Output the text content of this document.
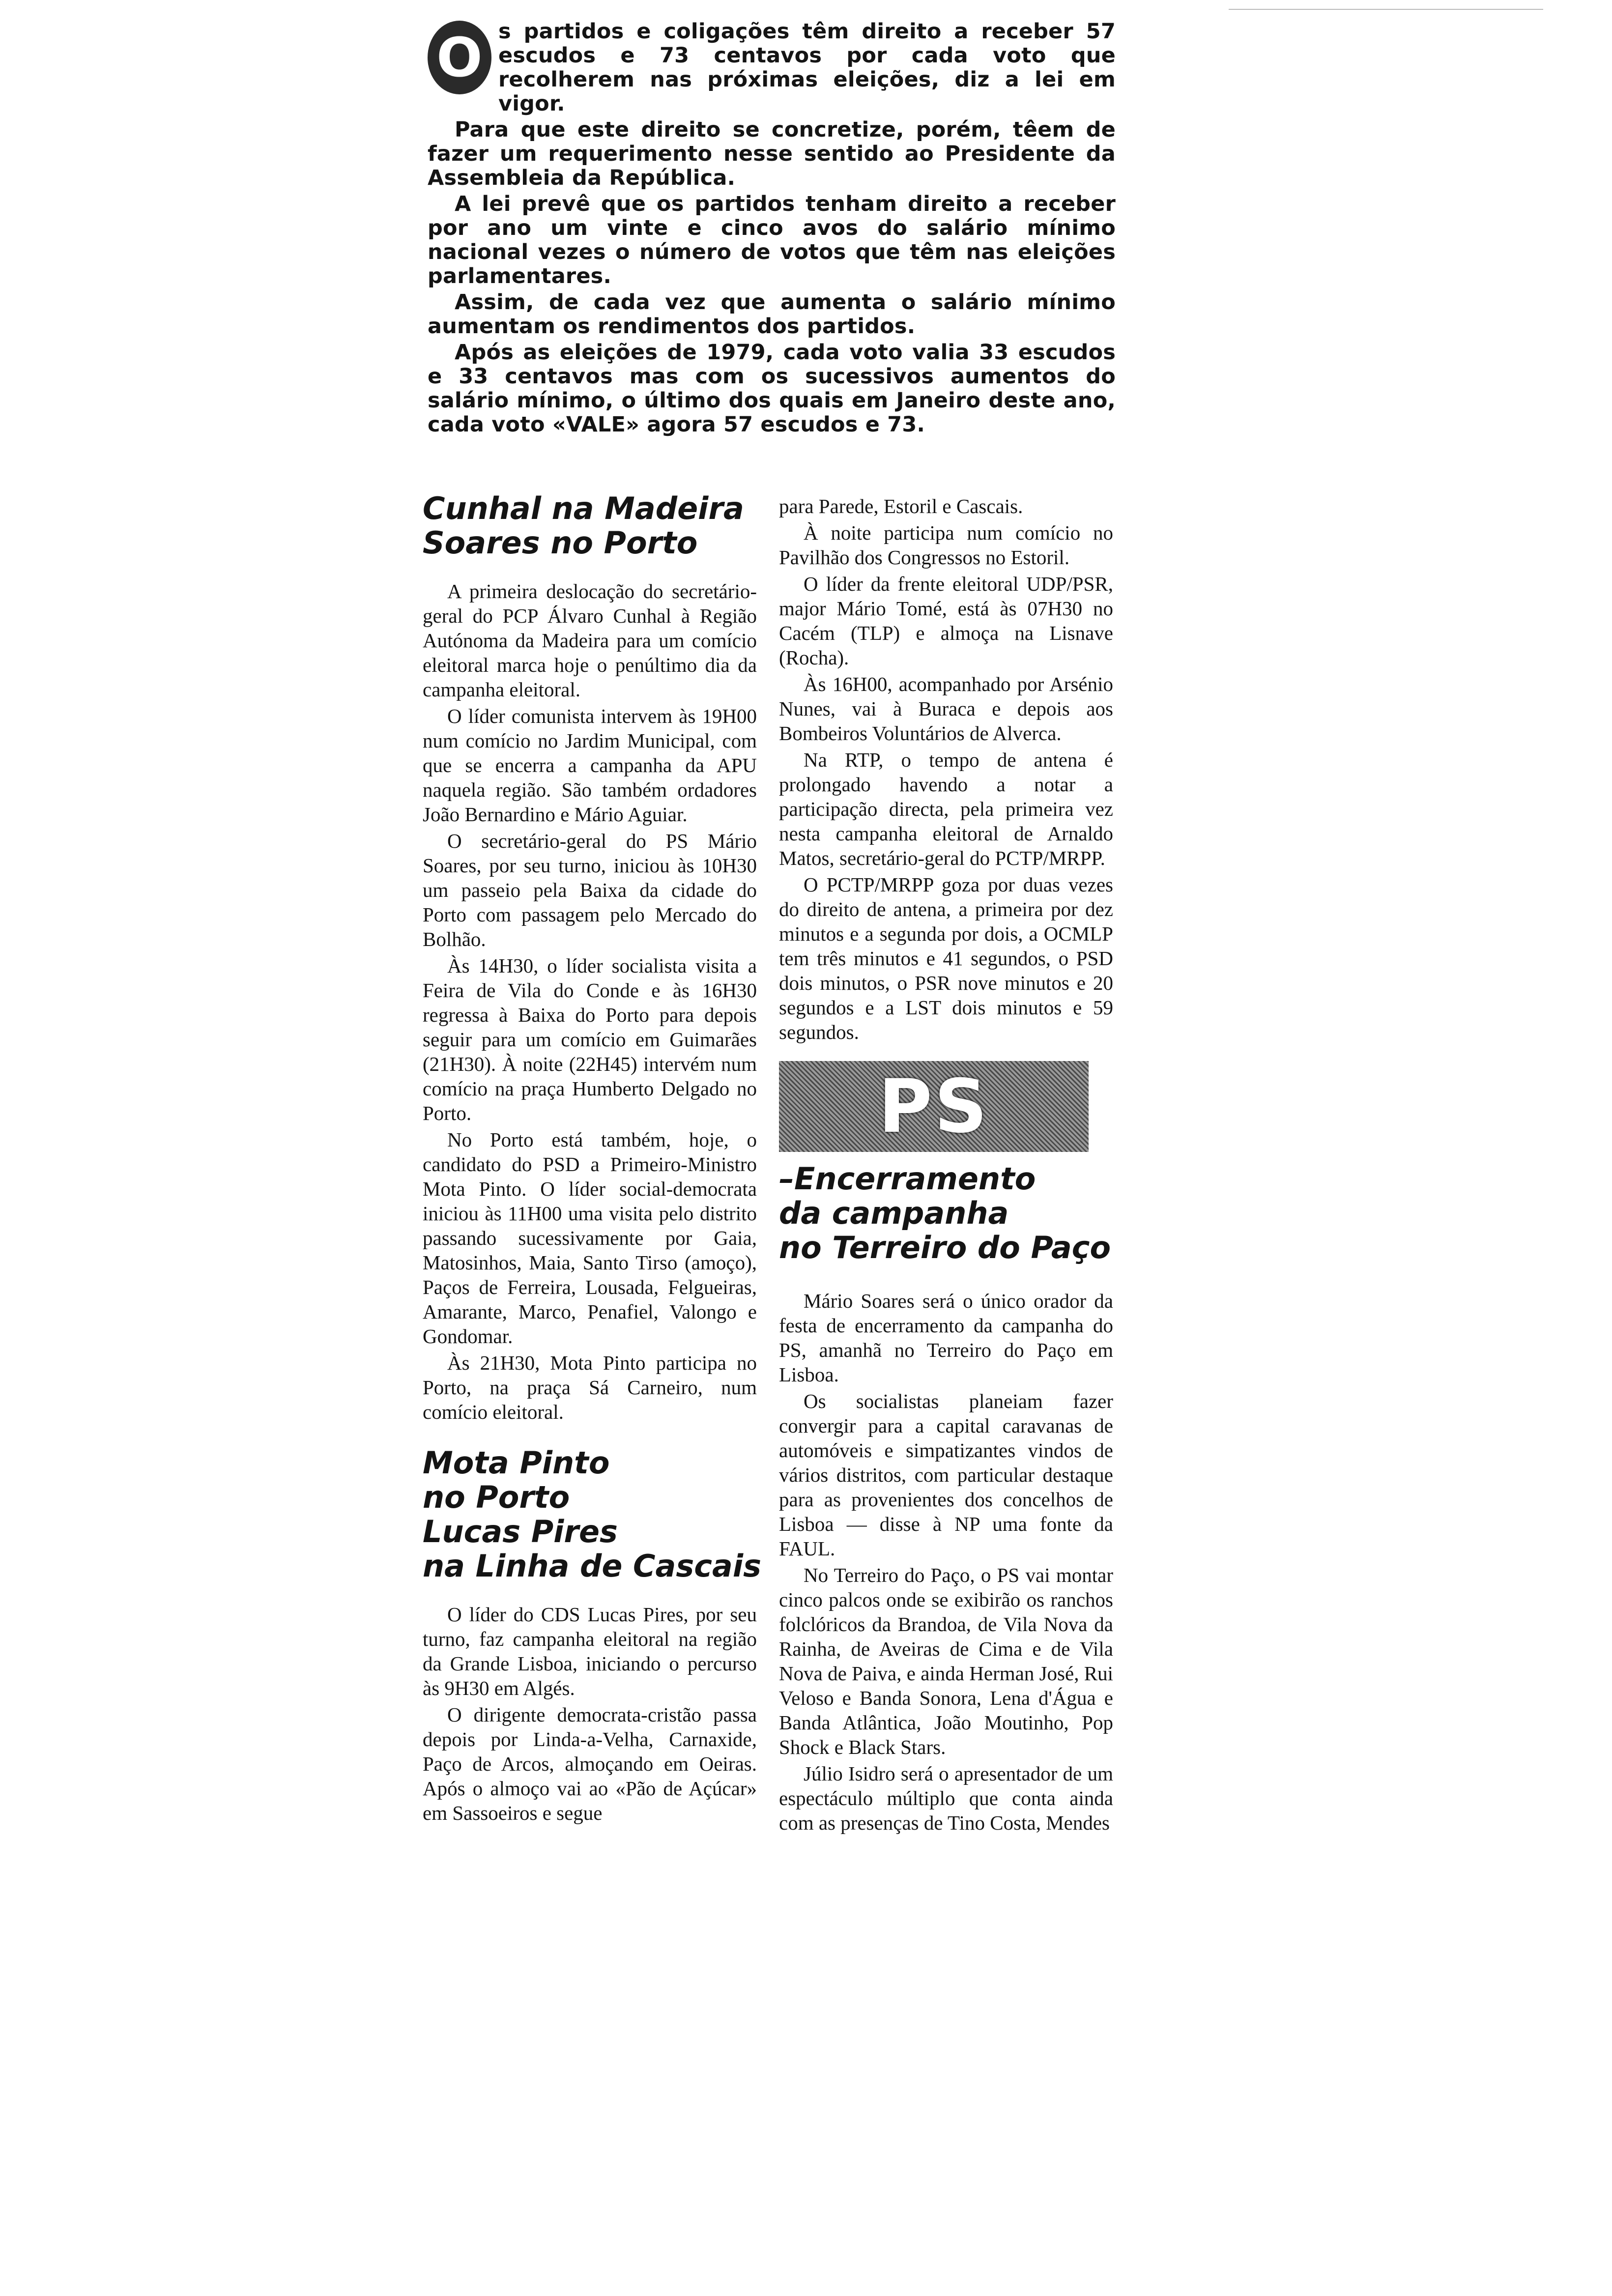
O s partidos e coligações têm direito a receber 57 escudos e 73 centavos por cada voto que recolherem nas próximas eleições, diz a lei em vigor.

Para que este direito se concretize, porém, têem de fazer um requerimento nesse sentido ao Presidente da Assembleia da República.

A lei prevê que os partidos tenham direito a receber por ano um vinte e cinco avos do salário mínimo nacional vezes o número de votos que têm nas eleições parlamentares.

Assim, de cada vez que aumenta o salário mínimo aumentam os rendimentos dos partidos.

Após as eleições de 1979, cada voto valia 33 escudos e 33 centavos mas com os sucessivos aumentos do salário mínimo, o último dos quais em Janeiro deste ano, cada voto «VALE» agora 57 escudos e 73.

Cunhal na Madeira
Soares no Porto

A primeira deslocação do secretário-geral do PCP Álvaro Cunhal à Região Autónoma da Madeira para um comício eleitoral marca hoje o penúltimo dia da campanha eleitoral.

O líder comunista intervem às 19H00 num comício no Jardim Municipal, com que se encerra a campanha da APU naquela região. São também ordadores João Bernardino e Mário Aguiar.

O secretário-geral do PS Mário Soares, por seu turno, iniciou às 10H30 um passeio pela Baixa da cidade do Porto com passagem pelo Mercado do Bolhão.

Às 14H30, o líder socialista visita a Feira de Vila do Conde e às 16H30 regressa à Baixa do Porto para depois seguir para um comício em Guimarães (21H30). À noite (22H45) intervém num comício na praça Humberto Delgado no Porto.

No Porto está também, hoje, o candidato do PSD a Primeiro-Ministro Mota Pinto. O líder social-democrata iniciou às 11H00 uma visita pelo distrito passando sucessivamente por Gaia, Matosinhos, Maia, Santo Tirso (amoço), Paços de Ferreira, Lousada, Felgueiras, Amarante, Marco, Penafiel, Valongo e Gondomar.

Às 21H30, Mota Pinto participa no Porto, na praça Sá Carneiro, num comício eleitoral.

Mota Pinto
no Porto
Lucas Pires
na Linha de Cascais

O líder do CDS Lucas Pires, por seu turno, faz campanha eleitoral na região da Grande Lisboa, iniciando o percurso às 9H30 em Algés.

O dirigente democrata-cristão passa depois por Linda-a-Velha, Carnaxide, Paço de Arcos, almoçando em Oeiras. Após o almoço vai ao «Pão de Açúcar» em Sassoeiros e segue

para Parede, Estoril e Cascais.

À noite participa num comício no Pavilhão dos Congressos no Estoril.

O líder da frente eleitoral UDP/PSR, major Mário Tomé, está às 07H30 no Cacém (TLP) e almoça na Lisnave (Rocha).

Às 16H00, acompanhado por Arsénio Nunes, vai à Buraca e depois aos Bombeiros Voluntários de Alverca.

Na RTP, o tempo de antena é prolongado havendo a notar a participação directa, pela primeira vez nesta campanha eleitoral de Arnaldo Matos, secretário-geral do PCTP/MRPP.

O PCTP/MRPP goza por duas vezes do direito de antena, a primeira por dez minutos e a segunda por dois, a OCMLP tem três minutos e 41 segundos, o PSD dois minutos, o PSR nove minutos e 20 segundos e a LST dois minutos e 59 segundos.

PS
–Encerramento
da campanha
no Terreiro do Paço

Mário Soares será o único orador da festa de encerramento da campanha do PS, amanhã no Terreiro do Paço em Lisboa.

Os socialistas planeiam fazer convergir para a capital caravanas de automóveis e simpatizantes vindos de vários distritos, com particular destaque para as provenientes dos concelhos de Lisboa — disse à NP uma fonte da FAUL.

No Terreiro do Paço, o PS vai montar cinco palcos onde se exibirão os ranchos folclóricos da Brandoa, de Vila Nova da Rainha, de Aveiras de Cima e de Vila Nova de Paiva, e ainda Herman José, Rui Veloso e Banda Sonora, Lena d'Água e Banda Atlântica, João Moutinho, Pop Shock e Black Stars.

Júlio Isidro será o apresentador de um espectáculo múltiplo que conta ainda com as presenças de Tino Costa, Mendes
